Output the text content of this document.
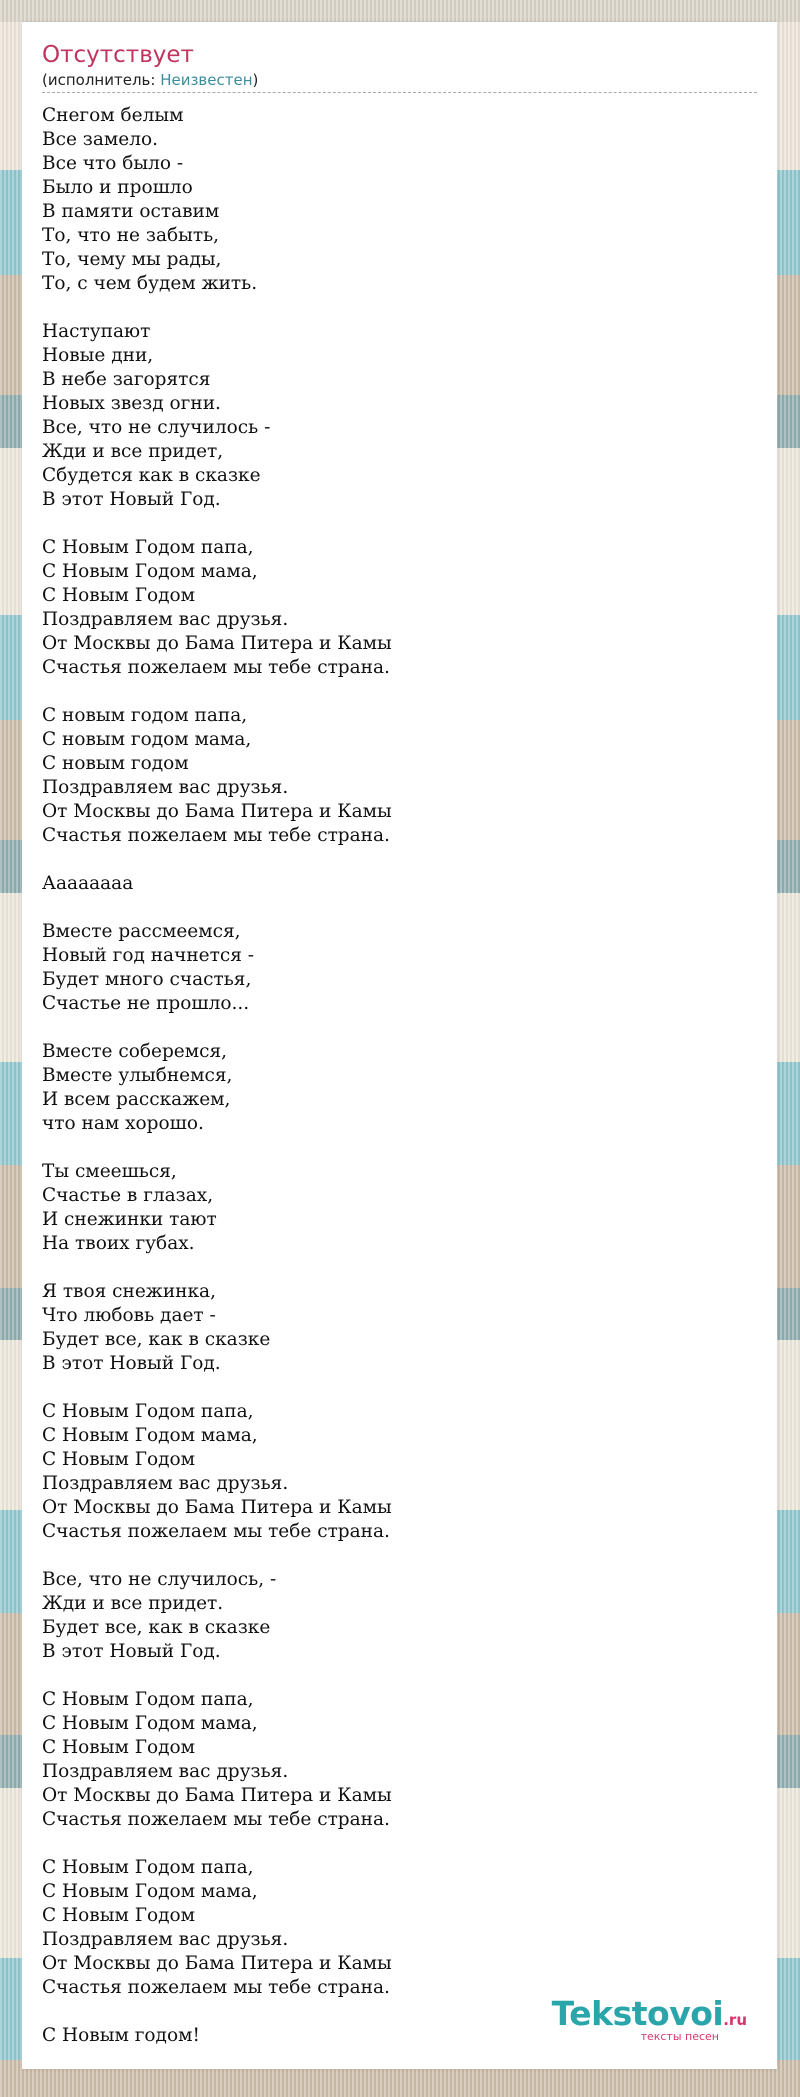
Отсутствует
(исполнитель: Неизвестен)
Снегом белым
Все замело.
Все что было -
Было и прошло
В памяти оставим
То, что не забыть,
То, чему мы рады,
То, с чем будем жить.
Наступают
Новые дни,
В небе загорятся
Новых звезд огни.
Все, что не случилось -
Жди и все придет,
Сбудется как в сказке
В этот Новый Год.
С Новым Годом папа,
С Новым Годом мама,
С Новым Годом
Поздравляем вас друзья.
От Москвы до Бама Питера и Камы
Счастья пожелаем мы тебе страна.
С новым годом папа,
С новым годом мама,
С новым годом
Поздравляем вас друзья.
От Москвы до Бама Питера и Камы
Счастья пожелаем мы тебе страна.
Ааааааaa
Вместе рассмеемся,
Новый год начнется -
Будет много счастья,
Счастье не прошло...
Вместе соберемся,
Вместе улыбнемся,
И всем расскажем,
что нам хорошо.
Ты смеешься,
Счастье в глазах,
И снежинки тают
На твоих губах.
Я твоя снежинка,
Что любовь дает -
Будет все, как в сказке
В этот Новый Год.
С Новым Годом папа,
С Новым Годом мама,
С Новым Годом
Поздравляем вас друзья.
От Москвы до Бама Питера и Камы
Счастья пожелаем мы тебе страна.
Все, что не случилось, -
Жди и все придет.
Будет все, как в сказке
В этот Новый Год.
С Новым Годом папа,
С Новым Годом мама,
С Новым Годом
Поздравляем вас друзья.
От Москвы до Бама Питера и Камы
Счастья пожелаем мы тебе страна.
С Новым Годом папа,
С Новым Годом мама,
С Новым Годом
Поздравляем вас друзья.
От Москвы до Бама Питера и Камы
Счастья пожелаем мы тебе страна.
С Новым годом!
Tekstovoi.ru
тексты песен
